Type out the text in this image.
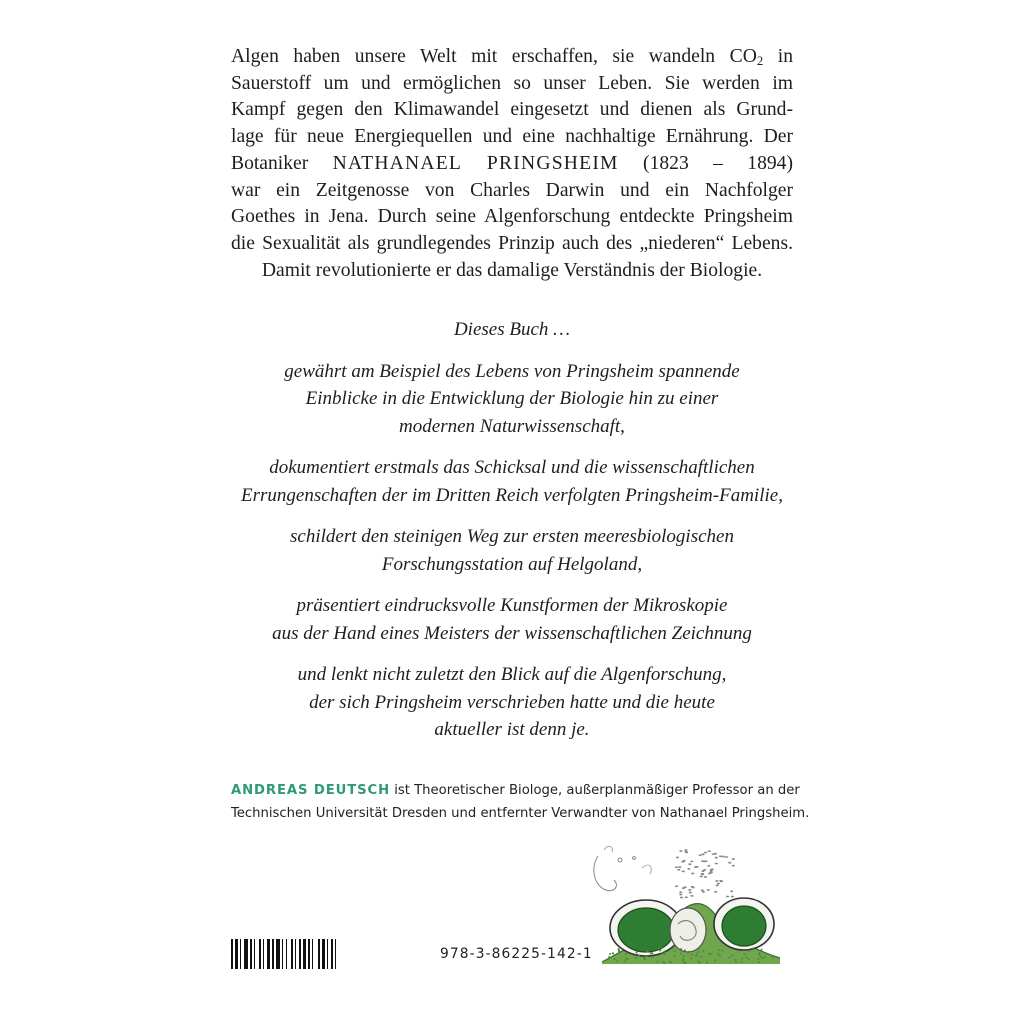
Algen haben unsere Welt mit erschaffen, sie wandeln $CO_2$ in
Sauerstoff um und ermöglichen so unser Leben. Sie werden im
Kampf gegen den Klimawandel eingesetzt und dienen als Grund-
lage für neue Energiequellen und eine nachhaltige Ernährung. Der
Botaniker NATHANAEL PRINGSHEIM (1823 – 1894)
war ein Zeitgenosse von Charles Darwin und ein Nachfolger
Goethes in Jena. Durch seine Algenforschung entdeckte Pringsheim
die Sexualität als grundlegendes Prinzip auch des „niederen“ Lebens.
Damit revolutionierte er das damalige Verständnis der Biologie.
Dieses Buch …
gewährt am Beispiel des Lebens von Pringsheim spannende
Einblicke in die Entwicklung der Biologie hin zu einer
modernen Naturwissenschaft,
dokumentiert erstmals das Schicksal und die wissenschaftlichen
Errungenschaften der im Dritten Reich verfolgten Pringsheim-Familie,
schildert den steinigen Weg zur ersten meeresbiologischen
Forschungsstation auf Helgoland,
präsentiert eindrucksvolle Kunstformen der Mikroskopie
aus der Hand eines Meisters der wissenschaftlichen Zeichnung
und lenkt nicht zuletzt den Blick auf die Algenforschung,
der sich Pringsheim verschrieben hatte und die heute
aktueller ist denn je.
ANDREAS DEUTSCH ist Theoretischer Biologe, außerplanmäßiger Professor an der
Technischen Universität Dresden und entfernter Verwandter von Nathanael Pringsheim.
978-3-86225-142-1
